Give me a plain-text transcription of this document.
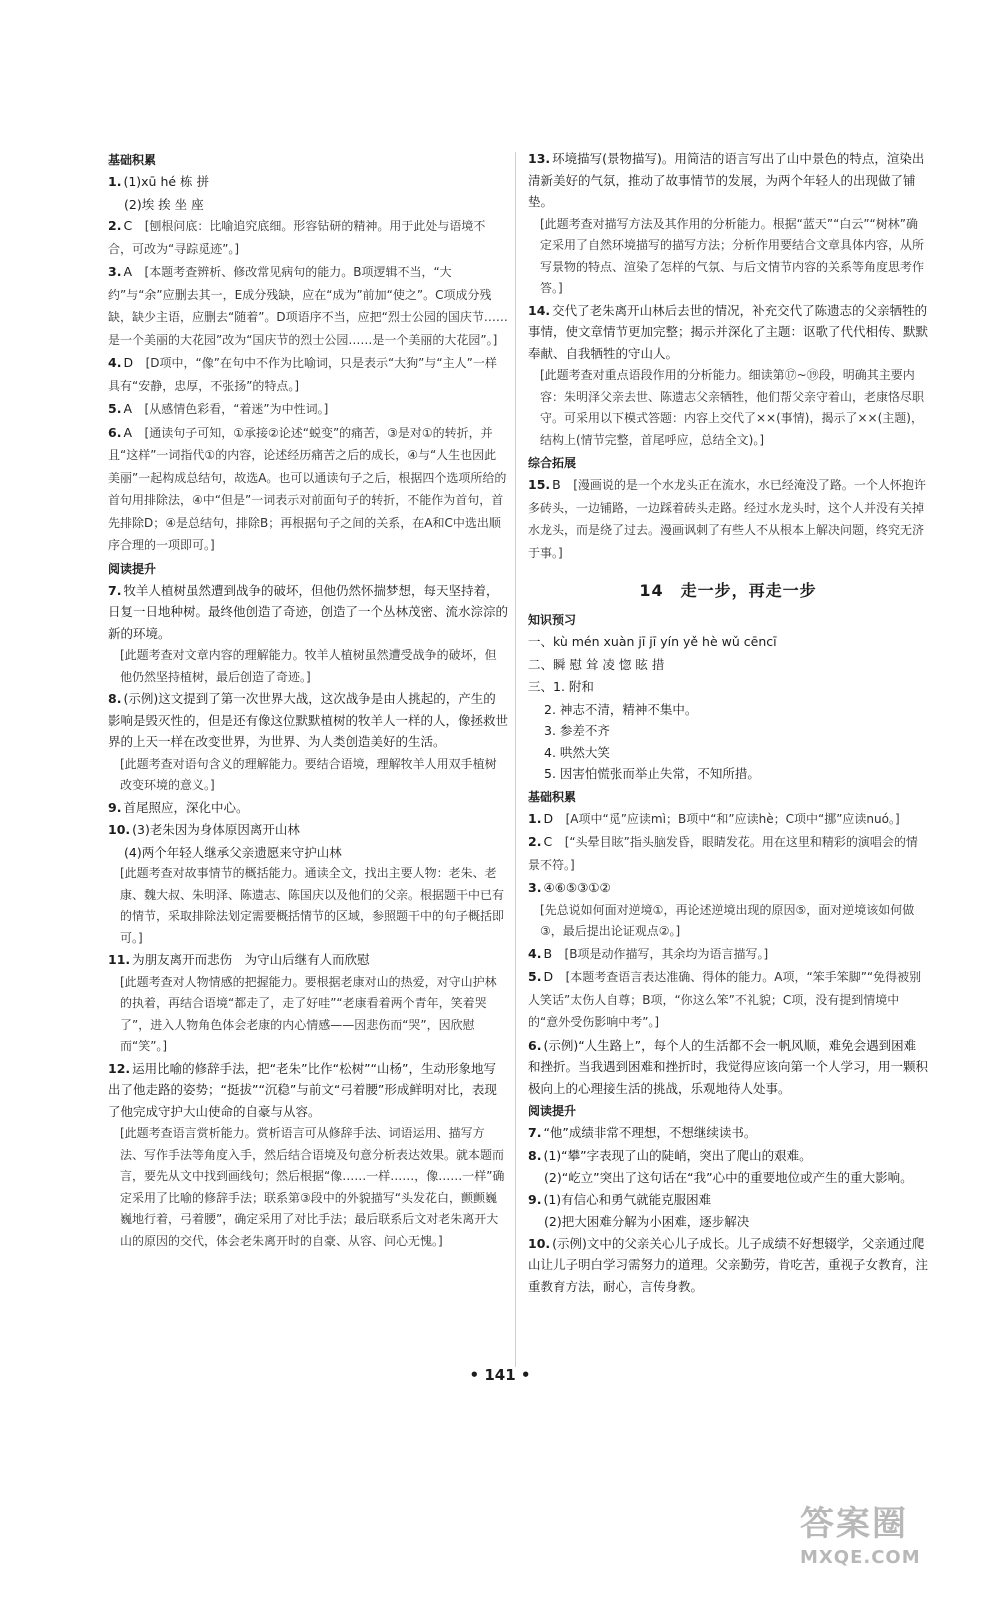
基础积累
1. (1)xū hé 栋 拼
(2)埃 挨 坐 座
2. C　 [刨根问底：比喻追究底细。形容钻研的精神。用于此处与语境不合，可改为“寻踪觅迹”。]
3. A　 [本题考查辨析、修改常见病句的能力。B项逻辑不当，“大约”与“余”应删去其一，E成分残缺，应在“成为”前加“使之”。C项成分残缺，缺少主语，应删去“随着”。D项语序不当，应把“烈士公园的国庆节……是一个美丽的大花园”改为“国庆节的烈士公园……是一个美丽的大花园”。]
4. D　 [D项中，“像”在句中不作为比喻词，只是表示“大狗”与“主人”一样具有“安静，忠厚，不张扬”的特点。]
5. A　 [从感情色彩看，“着迷”为中性词。]
6. A　 [通读句子可知，①承接②论述“蜕变”的痛苦，③是对①的转折，并且“这样”一词指代①的内容，论述经历痛苦之后的成长，④与“人生也因此美丽”一起构成总结句，故选A。也可以通读句子之后，根据四个选项所给的首句用排除法，④中“但是”一词表示对前面句子的转折，不能作为首句，首先排除D；④是总结句，排除B；再根据句子之间的关系，在A和C中选出顺序合理的一项即可。]
阅读提升
7. 牧羊人植树虽然遭到战争的破坏，但他仍然怀揣梦想，每天坚持着，日复一日地种树。最终他创造了奇迹，创造了一个丛林茂密、流水淙淙的新的环境。
[此题考查对文章内容的理解能力。牧羊人植树虽然遭受战争的破坏，但他仍然坚持植树，最后创造了奇迹。]
8. (示例)这文提到了第一次世界大战，这次战争是由人挑起的，产生的影响是毁灭性的，但是还有像这位默默植树的牧羊人一样的人，像拯救世界的上天一样在改变世界，为世界、为人类创造美好的生活。
[此题考查对语句含义的理解能力。要结合语境，理解牧羊人用双手植树改变环境的意义。]
9. 首尾照应，深化中心。
10. (3)老朱因为身体原因离开山林
(4)两个年轻人继承父亲遗愿来守护山林
[此题考查对故事情节的概括能力。通读全文，找出主要人物：老朱、老康、魏大叔、朱明泽、陈遗志、陈国庆以及他们的父亲。根据题干中已有的情节，采取排除法划定需要概括情节的区域，参照题干中的句子概括即可。]
11. 为朋友离开而悲伤　为守山后继有人而欣慰
[此题考查对人物情感的把握能力。要根据老康对山的热爱，对守山护林的执着，再结合语境“都走了，走了好哇”“老康看着两个青年，笑着哭了”，进入人物角色体会老康的内心情感——因悲伤而“哭”，因欣慰而“笑”。]
12. 运用比喻的修辞手法，把“老朱”比作“松树”“山杨”，生动形象地写出了他走路的姿势；“挺拔”“沉稳”与前文“弓着腰”形成鲜明对比，表现了他完成守护大山使命的自豪与从容。
[此题考查语言赏析能力。赏析语言可从修辞手法、词语运用、描写方法、写作手法等角度入手，然后结合语境及句意分析表达效果。就本题而言，要先从文中找到画线句；然后根据“像……一样……，像……一样”确定采用了比喻的修辞手法；联系第③段中的外貌描写“头发花白，颤颤巍巍地行着，弓着腰”，确定采用了对比手法；最后联系后文对老朱离开大山的原因的交代，体会老朱离开时的自豪、从容、问心无愧。]
13. 环境描写(景物描写)。用简洁的语言写出了山中景色的特点，渲染出清新美好的气氛，推动了故事情节的发展，为两个年轻人的出现做了铺垫。
[此题考查对描写方法及其作用的分析能力。根据“蓝天”“白云”“树林”确定采用了自然环境描写的描写方法；分析作用要结合文章具体内容，从所写景物的特点、渲染了怎样的气氛、与后文情节内容的关系等角度思考作答。]
14. 交代了老朱离开山林后去世的情况，补充交代了陈遗志的父亲牺牲的事情，使文章情节更加完整；揭示并深化了主题：讴歌了代代相传、默默奉献、自我牺牲的守山人。
[此题考查对重点语段作用的分析能力。细读第⑰~⑲段，明确其主要内容：朱明泽父亲去世、陈遗志父亲牺牲，他们帮父亲守着山，老康恪尽职守。可采用以下模式答题：内容上交代了××(事情)，揭示了××(主题)，结构上(情节完整，首尾呼应，总结全文)。]
综合拓展
15. B　 [漫画说的是一个水龙头正在流水，水已经淹没了路。一个人怀抱许多砖头，一边铺路，一边踩着砖头走路。经过水龙头时，这个人并没有关掉水龙头，而是绕了过去。漫画讽刺了有些人不从根本上解决问题，终究无济于事。]
14　 走一步，再走一步
知识预习
一、kù mén xuàn jī jī yín yě hè wǔ cēncī
二、瞬 慰 耸 凌 惚 眩 措
三、1. 附和
2. 神志不清，精神不集中。
3. 参差不齐
4. 哄然大笑
5. 因害怕慌张而举止失常，不知所措。
基础积累
1. D　 [A项中“觅”应读mì；B项中“和”应读hè；C项中“挪”应读nuó。]
2. C　 [“头晕目眩”指头脑发昏，眼睛发花。用在这里和精彩的演唱会的情景不符。]
3. ④⑥⑤③①②
[先总说如何面对逆境①，再论述逆境出现的原因⑤，面对逆境该如何做③，最后提出论证观点②。]
4. B　 [B项是动作描写，其余均为语言描写。]
5. D　 [本题考查语言表达准确、得体的能力。A项，“笨手笨脚”“免得被别人笑话”太伤人自尊；B项，“你这么笨”不礼貌；C项，没有提到情境中的“意外受伤影响中考”。]
6. (示例)“人生路上”，每个人的生活都不会一帆风顺，难免会遇到困难和挫折。当我遇到困难和挫折时，我觉得应该向第一个人学习，用一颗积极向上的心理接生活的挑战，乐观地待人处事。
阅读提升
7. “他”成绩非常不理想，不想继续读书。
8. (1)“攀”字表现了山的陡峭，突出了爬山的艰难。
(2)“屹立”突出了这句话在“我”心中的重要地位或产生的重大影响。
9. (1)有信心和勇气就能克服困难
(2)把大困难分解为小困难，逐步解决
10. (示例)文中的父亲关心儿子成长。儿子成绩不好想辍学，父亲通过爬山让儿子明白学习需努力的道理。父亲勤劳，肯吃苦，重视子女教育，注重教育方法，耐心，言传身教。
• 141 •
答案圈
MXQE.COM
